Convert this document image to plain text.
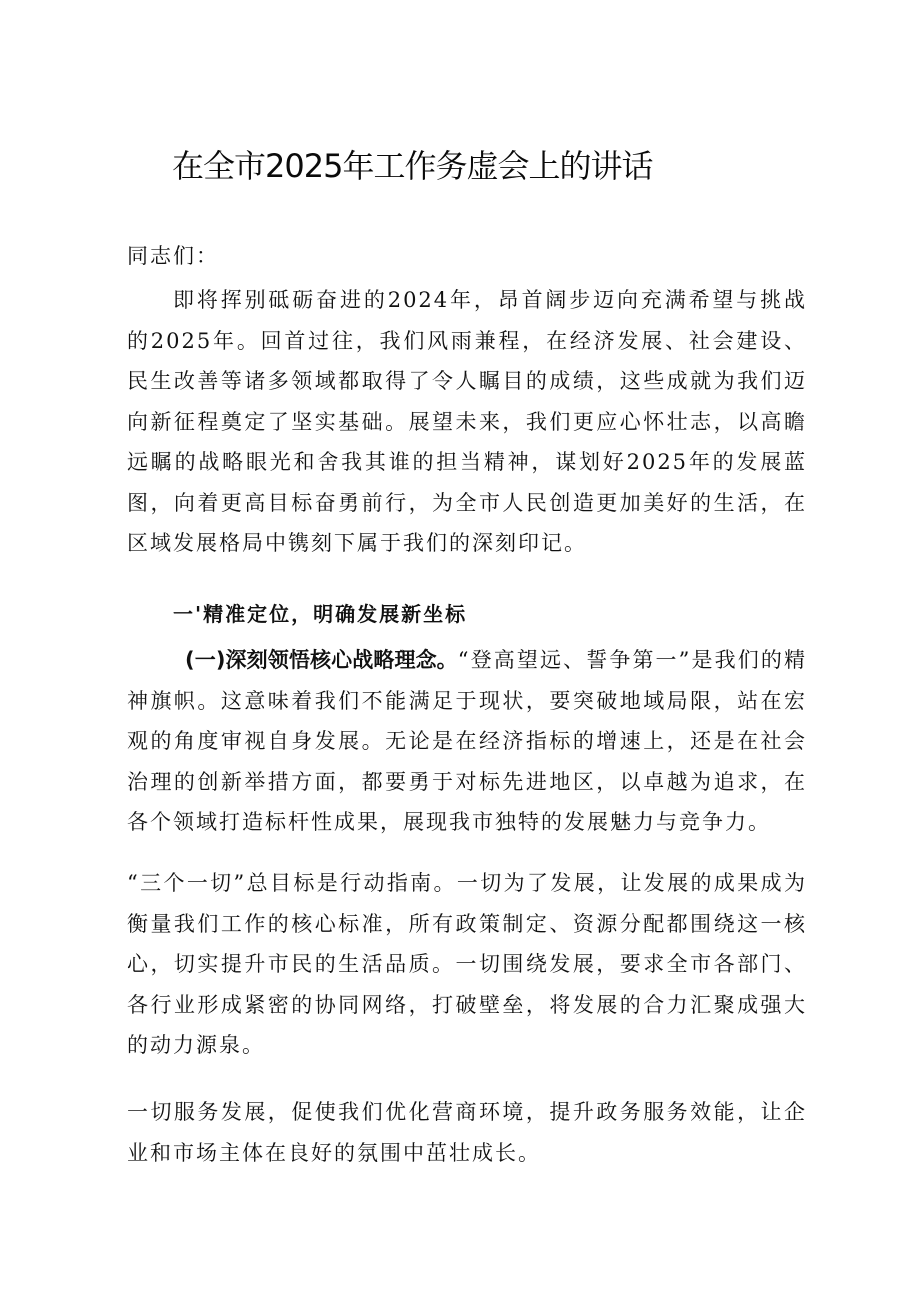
在全市2025年工作务虚会上的讲话

同志们：

即将挥别砥砺奋进的2024年，昂首阔步迈向充满希望与挑战的2025年。回首过往，我们风雨兼程，在经济发展、社会建设、民生改善等诸多领域都取得了令人瞩目的成绩，这些成就为我们迈向新征程奠定了坚实基础。展望未来，我们更应心怀壮志，以高瞻远瞩的战略眼光和舍我其谁的担当精神，谋划好2025年的发展蓝图，向着更高目标奋勇前行，为全市人民创造更加美好的生活，在区域发展格局中镌刻下属于我们的深刻印记。

一'精准定位，明确发展新坐标

(一)深刻领悟核心战略理念。“登高望远、誓争第一”是我们的精神旗帜。这意味着我们不能满足于现状，要突破地域局限，站在宏观的角度审视自身发展。无论是在经济指标的增速上，还是在社会治理的创新举措方面，都要勇于对标先进地区，以卓越为追求，在各个领域打造标杆性成果，展现我市独特的发展魅力与竞争力。

“三个一切”总目标是行动指南。一切为了发展，让发展的成果成为衡量我们工作的核心标准，所有政策制定、资源分配都围绕这一核心，切实提升市民的生活品质。一切围绕发展，要求全市各部门、各行业形成紧密的协同网络，打破壁垒，将发展的合力汇聚成强大的动力源泉。

一切服务发展，促使我们优化营商环境，提升政务服务效能，让企业和市场主体在良好的氛围中茁壮成长。
